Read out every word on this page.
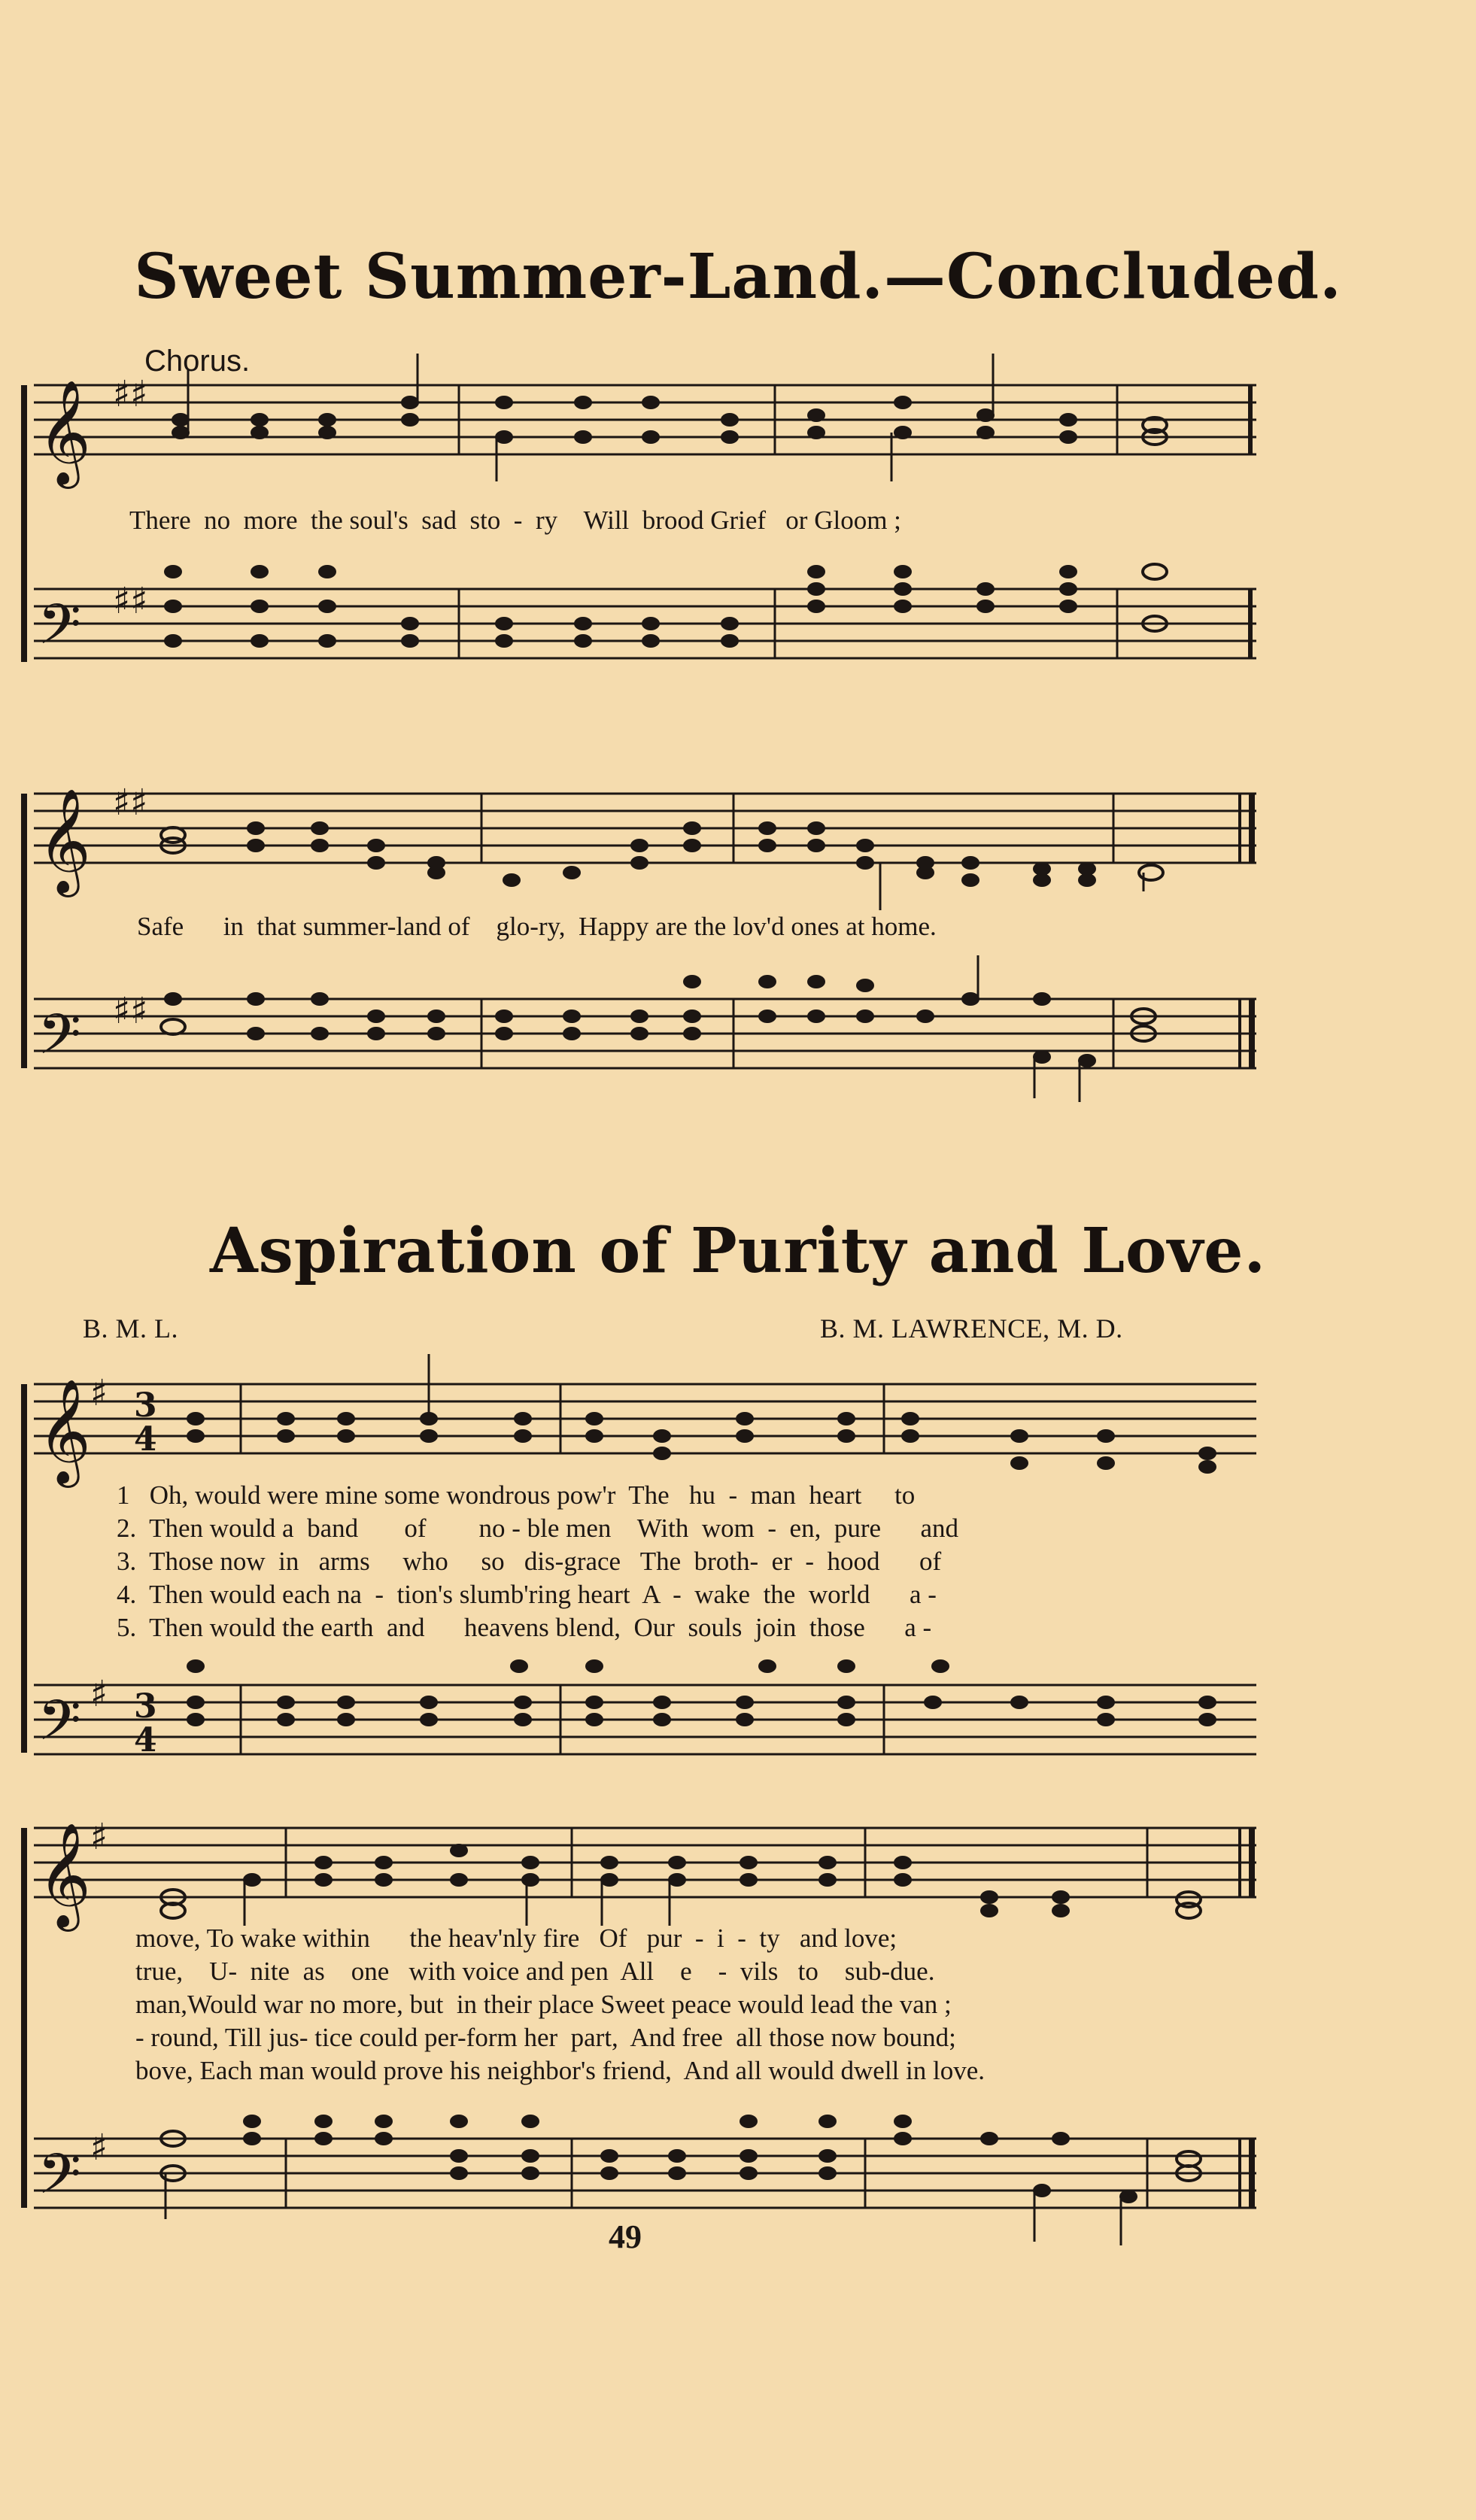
Sweet Summer-Land.—Concluded.
Chorus.
𝄞
𝄢
♯♯
♯♯
There  no  more  the soul's  sad  sto  -  ry    Will  brood Grief   or Gloom ;
𝄞
𝄢
♯♯
♯♯
Safe      in  that summer-land of    glo-ry,  Happy are the lov'd ones at home.
Aspiration of Purity and Love.
B. M. L.	B. M. LAWRENCE, M. D.
𝄞
𝄢
♯
♯
3
4
3
4

1   Oh, would were mine some wondrous pow'r  The   hu  -  man  heart     to

2.  Then would a  band       of        no - ble men    With  wom  -  en,  pure      and

3.  Those now  in   arms     who     so   dis-grace   The  broth-  er  -  hood      of

4.  Then would each na  -  tion's slumb'ring heart  A  -  wake  the  world      a -

5.  Then would the earth  and      heavens blend,  Our  souls  join  those      a -

𝄞
𝄢
♯
♯

move, To wake within      the heav'nly fire   Of   pur  -  i  -  ty   and love;

true,    U-  nite  as    one   with voice and pen  All    e    -  vils   to    sub-due.

man,Would war no more, but  in their place Sweet peace would lead the van ;

- round, Till jus- tice could per-form her  part,  And free  all those now bound;

bove, Each man would prove his neighbor's friend,  And all would dwell in love.

49
